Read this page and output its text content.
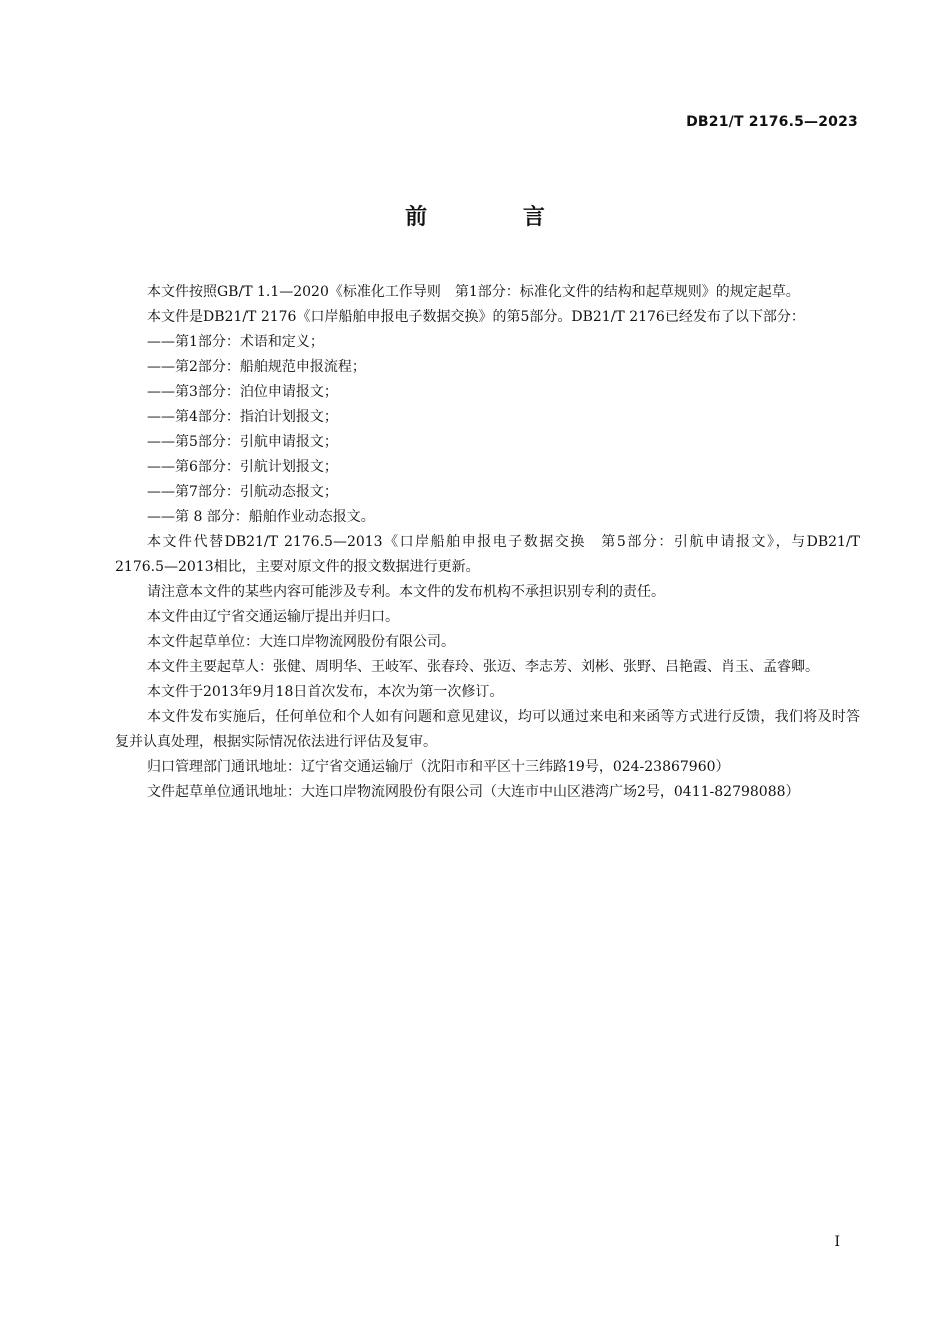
DB21/T 2176.5—2023
前 言

本文件按照GB/T 1.1—2020《标准化工作导则　第1部分：标准化文件的结构和起草规则》的规定起草。

本文件是DB21/T 2176《口岸船舶申报电子数据交换》的第5部分。DB21/T 2176已经发布了以下部分：

——第1部分：术语和定义；

——第2部分：船舶规范申报流程；

——第3部分：泊位申请报文；

——第4部分：指泊计划报文；

——第5部分：引航申请报文；

——第6部分：引航计划报文；

——第7部分：引航动态报文；

——第 8 部分：船舶作业动态报文。

本文件代替DB21/T 2176.5—2013《口岸船舶申报电子数据交换　第5部分：引航申请报文》，与DB21/T 2176.5—2013相比，主要对原文件的报文数据进行更新。

请注意本文件的某些内容可能涉及专利。本文件的发布机构不承担识别专利的责任。

本文件由辽宁省交通运输厅提出并归口。

本文件起草单位：大连口岸物流网股份有限公司。

本文件主要起草人：张健、周明华、王岐军、张春玲、张迈、李志芳、刘彬、张野、吕艳霞、肖玉、孟睿卿。

本文件于2013年9月18日首次发布，本次为第一次修订。

本文件发布实施后，任何单位和个人如有问题和意见建议，均可以通过来电和来函等方式进行反馈，我们将及时答复并认真处理，根据实际情况依法进行评估及复审。

归口管理部门通讯地址：辽宁省交通运输厅（沈阳市和平区十三纬路19号，024-23867960）

文件起草单位通讯地址：大连口岸物流网股份有限公司（大连市中山区港湾广场2号，0411-82798088）

I
